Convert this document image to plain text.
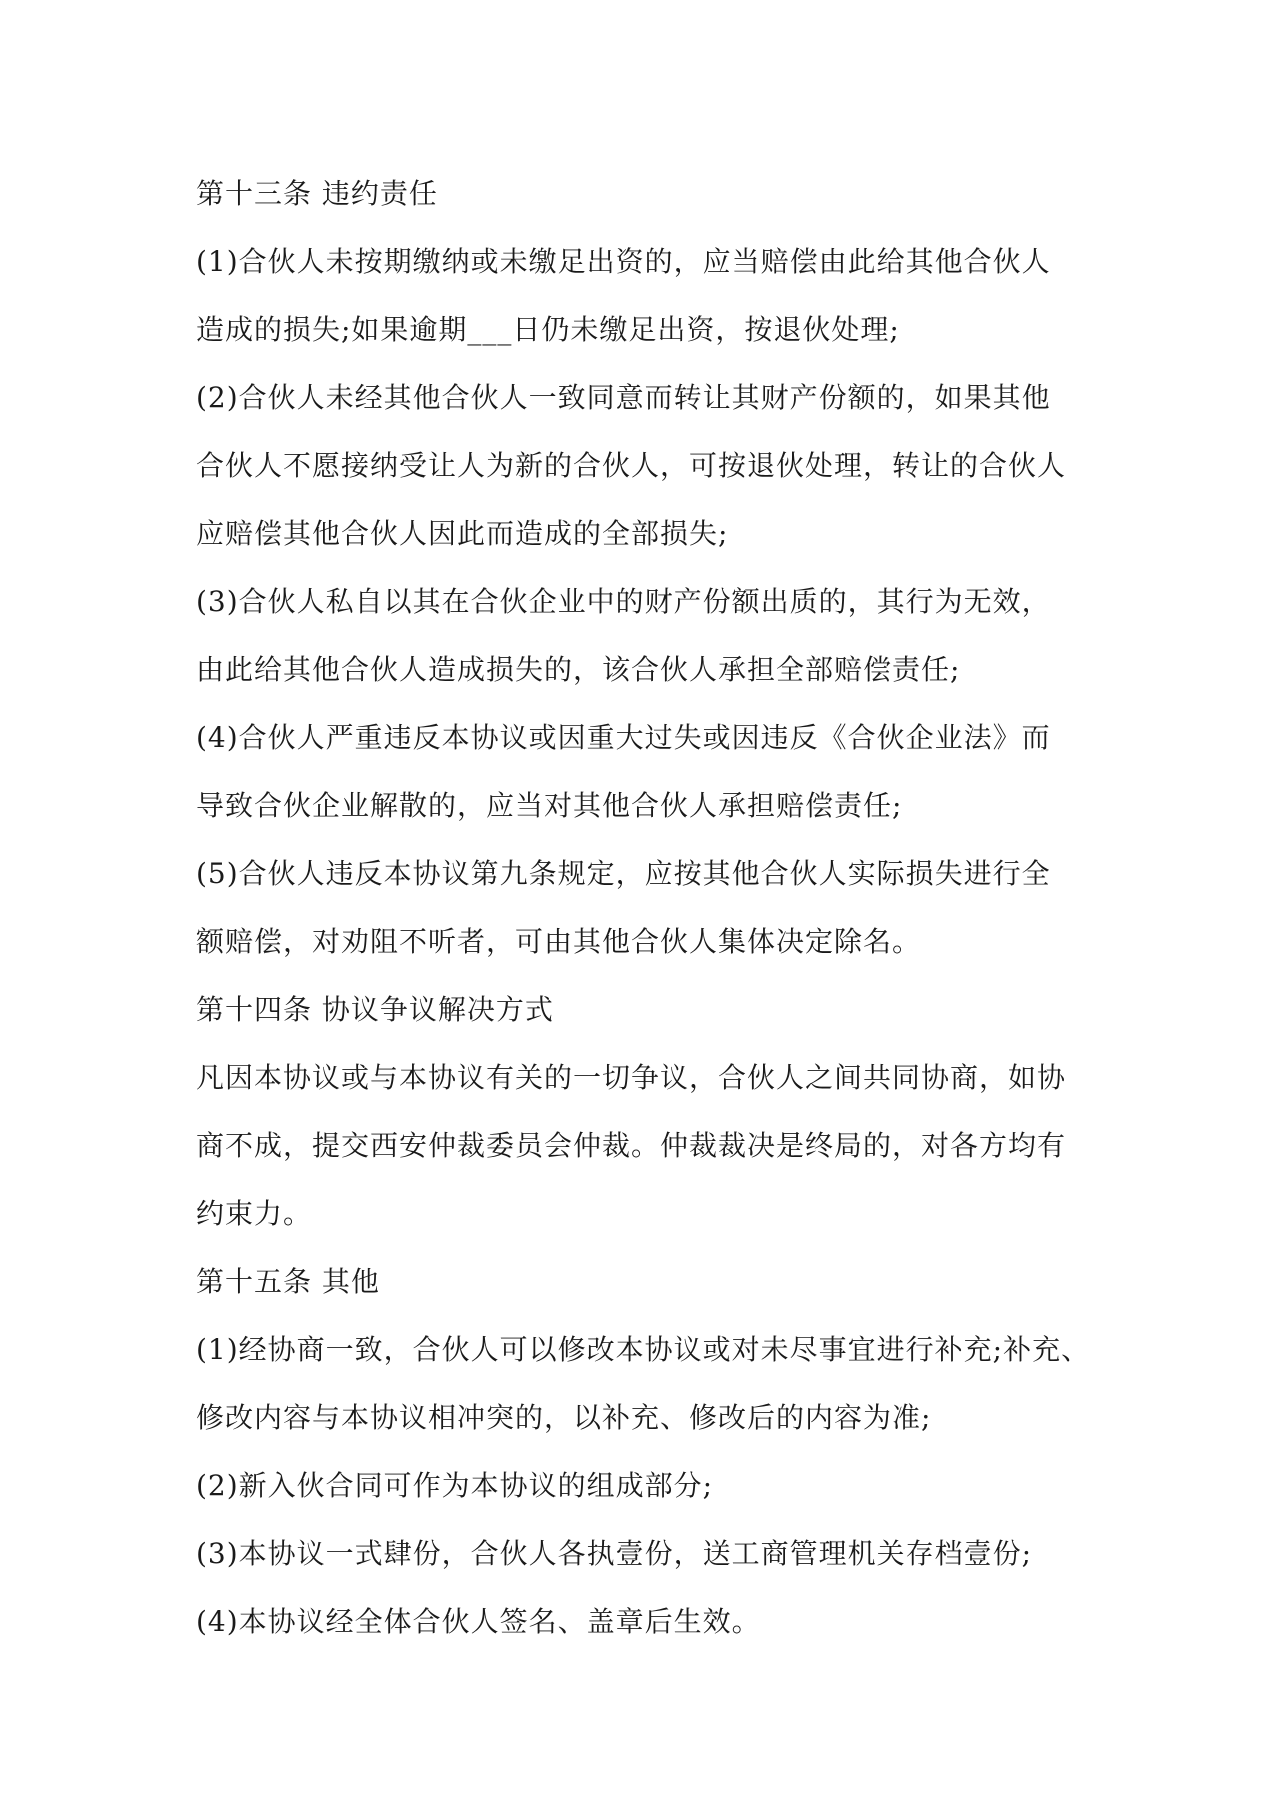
第十三条 违约责任
(1)合伙人未按期缴纳或未缴足出资的，应当赔偿由此给其他合伙人
造成的损失;如果逾期___日仍未缴足出资，按退伙处理;
(2)合伙人未经其他合伙人一致同意而转让其财产份额的，如果其他
合伙人不愿接纳受让人为新的合伙人，可按退伙处理，转让的合伙人
应赔偿其他合伙人因此而造成的全部损失;
(3)合伙人私自以其在合伙企业中的财产份额出质的，其行为无效，
由此给其他合伙人造成损失的，该合伙人承担全部赔偿责任;
(4)合伙人严重违反本协议或因重大过失或因违反《合伙企业法》而
导致合伙企业解散的，应当对其他合伙人承担赔偿责任;
(5)合伙人违反本协议第九条规定，应按其他合伙人实际损失进行全
额赔偿，对劝阻不听者，可由其他合伙人集体决定除名。
第十四条 协议争议解决方式
凡因本协议或与本协议有关的一切争议，合伙人之间共同协商，如协
商不成，提交西安仲裁委员会仲裁。仲裁裁决是终局的，对各方均有
约束力。
第十五条 其他
(1)经协商一致，合伙人可以修改本协议或对未尽事宜进行补充;补充、
修改内容与本协议相冲突的，以补充、修改后的内容为准;
(2)新入伙合同可作为本协议的组成部分;
(3)本协议一式肆份，合伙人各执壹份，送工商管理机关存档壹份;
(4)本协议经全体合伙人签名、盖章后生效。
